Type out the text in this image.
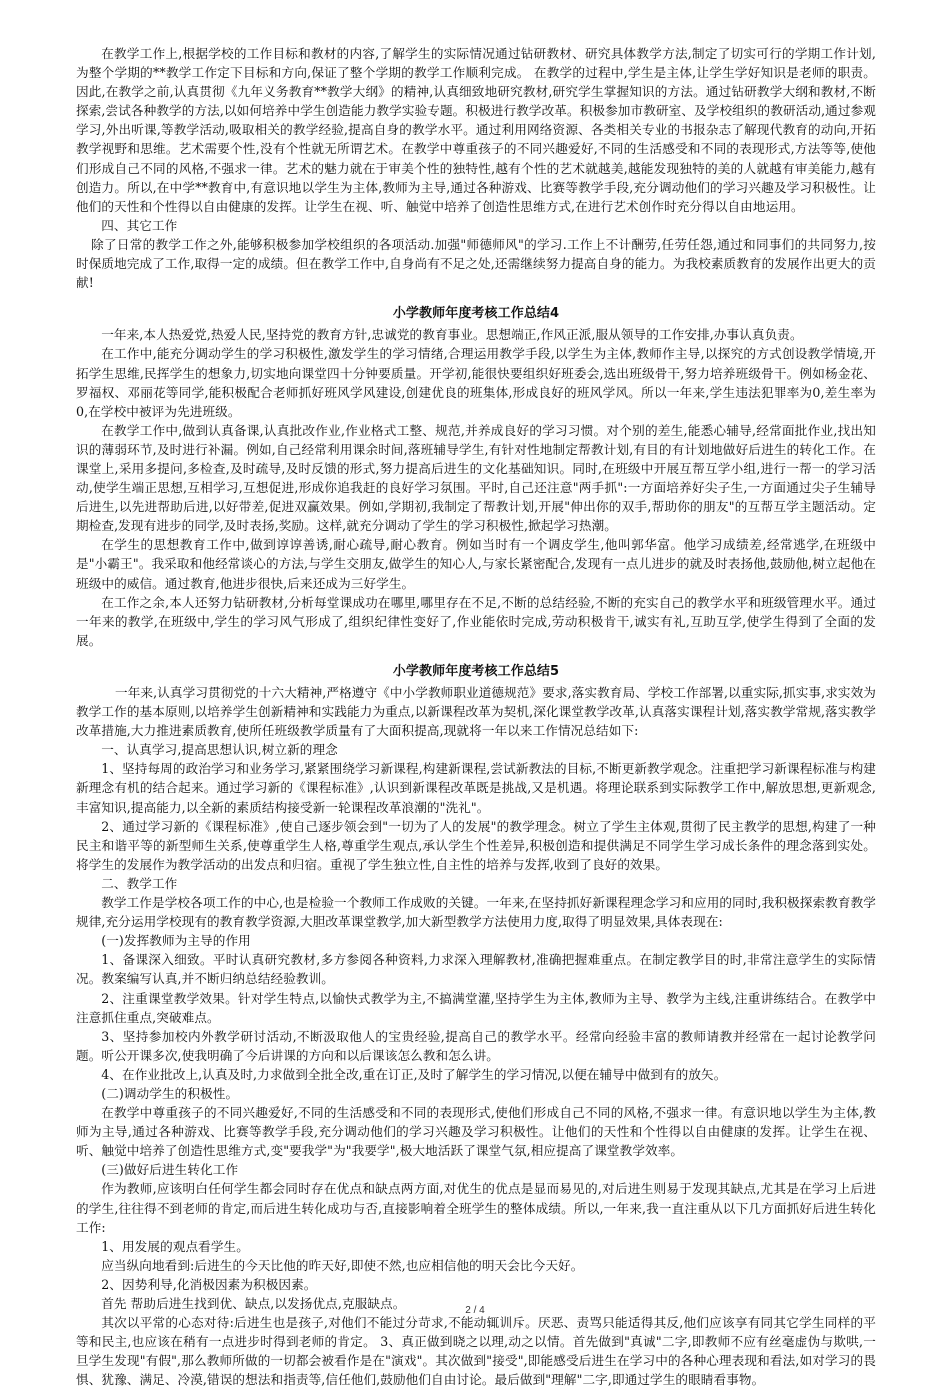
在教学工作上,根据学校的工作目标和教材的内容,了解学生的实际情况通过钻研教材、研究具体教学方法,制定了切实可行的学期工作计划,为整个学期的**教学工作定下目标和方向,保证了整个学期的教学工作顺利完成。 在教学的过程中,学生是主体,让学生学好知识是老师的职责。因此,在教学之前,认真贯彻《九年义务教育**教学大纲》的精神,认真细致地研究教材,研究学生掌握知识的方法。通过钻研教学大纲和教材,不断探索,尝试各种教学的方法,以如何培养中学生创造能力教学实验专题。积极进行教学改革。积极参加市教研室、及学校组织的教研活动,通过参观学习,外出听课,等教学活动,吸取相关的教学经验,提高自身的教学水平。通过利用网络资源、各类相关专业的书报杂志了解现代教育的动向,开拓教学视野和思维。艺术需要个性,没有个性就无所谓艺术。在教学中尊重孩子的不同兴趣爱好,不同的生活感受和不同的表现形式,方法等等,使他们形成自己不同的风格,不强求一律。艺术的魅力就在于审美个性的独特性,越有个性的艺术就越美,越能发现独特的美的人就越有审美能力,越有创造力。所以,在中学**教育中,有意识地以学生为主体,教师为主导,通过各种游戏、比赛等教学手段,充分调动他们的学习兴趣及学习积极性。让他们的天性和个性得以自由健康的发挥。让学生在视、听、触觉中培养了创造性思维方式,在进行艺术创作时充分得以自由地运用。

四、其它工作

除了日常的教学工作之外,能够积极参加学校组织的各项活动.加强"师德师风"的学习.工作上不计酬劳,任劳任怨,通过和同事们的共同努力,按时保质地完成了工作,取得一定的成绩。但在教学工作中,自身尚有不足之处,还需继续努力提高自身的能力。为我校素质教育的发展作出更大的贡献!

小学教师年度考核工作总结4

一年来,本人热爱党,热爱人民,坚持党的教育方针,忠诚党的教育事业。思想端正,作风正派,服从领导的工作安排,办事认真负责。

在工作中,能充分调动学生的学习积极性,激发学生的学习情绪,合理运用教学手段,以学生为主体,教师作主导,以探究的方式创设教学情境,开拓学生思维,民挥学生的想象力,切实地向课堂四十分钟要质量。开学初,能很快要组织好班委会,选出班级骨干,努力培养班级骨干。例如杨金花、罗福权、邓丽花等同学,能积极配合老师抓好班风学风建设,创建优良的班集体,形成良好的班风学风。所以一年来,学生违法犯罪率为0,差生率为0,在学校中被评为先进班级。

在教学工作中,做到认真备课,认真批改作业,作业格式工整、规范,并养成良好的学习习惯。对个别的差生,能悉心辅导,经常面批作业,找出知识的薄弱环节,及时进行补漏。例如,自己经常利用课余时间,落班辅导学生,有针对性地制定帮教计划,有目的有计划地做好后进生的转化工作。在课堂上,采用多提问,多检查,及时疏导,及时反馈的形式,努力提高后进生的文化基础知识。同时,在班级中开展互帮互学小组,进行一帮一的学习活动,使学生端正思想,互相学习,互想促进,形成你追我赶的良好学习氛围。平时,自己还注意"两手抓":一方面培养好尖子生,一方面通过尖子生辅导后进生,以先进帮助后进,以好带差,促进双赢效果。例如,学期初,我制定了帮教计划,开展"伸出你的双手,帮助你的朋友"的互帮互学主题活动。定期检查,发现有进步的同学,及时表扬,奖励。这样,就充分调动了学生的学习积极性,掀起学习热潮。

在学生的思想教育工作中,做到谆谆善诱,耐心疏导,耐心教育。例如当时有一个调皮学生,他叫郭华富。他学习成绩差,经常逃学,在班级中是"小霸王"。我采取和他经常谈心的方法,与学生交朋友,做学生的知心人,与家长紧密配合,发现有一点儿进步的就及时表扬他,鼓励他,树立起他在班级中的威信。通过教育,他进步很快,后来还成为三好学生。

在工作之余,本人还努力钻研教材,分析每堂课成功在哪里,哪里存在不足,不断的总结经验,不断的充实自己的教学水平和班级管理水平。通过一年来的教学,在班级中,学生的学习风气形成了,组织纪律性变好了,作业能依时完成,劳动积极肯干,诚实有礼,互助互学,使学生得到了全面的发展。

小学教师年度考核工作总结5

一年来,认真学习贯彻党的十六大精神,严格遵守《中小学教师职业道德规范》要求,落实教育局、学校工作部署,以重实际,抓实事,求实效为教学工作的基本原则,以培养学生创新精神和实践能力为重点,以新课程改革为契机,深化课堂教学改革,认真落实课程计划,落实教学常规,落实教学改革措施,大力推进素质教育,使所任班级教学质量有了大面积提高,现就将一年以来工作情况总结如下:

一、认真学习,提高思想认识,树立新的理念

1、坚持每周的政治学习和业务学习,紧紧围绕学习新课程,构建新课程,尝试新教法的目标,不断更新教学观念。注重把学习新课程标准与构建新理念有机的结合起来。通过学习新的《课程标准》,认识到新课程改革既是挑战,又是机遇。将理论联系到实际教学工作中,解放思想,更新观念,丰富知识,提高能力,以全新的素质结构接受新一轮课程改革浪潮的"洗礼"。

2、通过学习新的《课程标准》,使自己逐步领会到"一切为了人的发展"的教学理念。树立了学生主体观,贯彻了民主教学的思想,构建了一种民主和谐平等的新型师生关系,使尊重学生人格,尊重学生观点,承认学生个性差异,积极创造和提供满足不同学生学习成长条件的理念落到实处。将学生的发展作为教学活动的出发点和归宿。重视了学生独立性,自主性的培养与发挥,收到了良好的效果。

二、教学工作

教学工作是学校各项工作的中心,也是检验一个教师工作成败的关键。一年来,在坚持抓好新课程理念学习和应用的同时,我积极探索教育教学规律,充分运用学校现有的教育教学资源,大胆改革课堂教学,加大新型教学方法使用力度,取得了明显效果,具体表现在:

(一)发挥教师为主导的作用

1、备课深入细致。平时认真研究教材,多方参阅各种资料,力求深入理解教材,准确把握难重点。在制定教学目的时,非常注意学生的实际情况。教案编写认真,并不断归纳总结经验教训。

2、注重课堂教学效果。针对学生特点,以愉快式教学为主,不搞满堂灌,坚持学生为主体,教师为主导、教学为主线,注重讲练结合。在教学中注意抓住重点,突破难点。

3、坚持参加校内外教学研讨活动,不断汲取他人的宝贵经验,提高自己的教学水平。经常向经验丰富的教师请教并经常在一起讨论教学问题。听公开课多次,使我明确了今后讲课的方向和以后课该怎么教和怎么讲。

4、在作业批改上,认真及时,力求做到全批全改,重在订正,及时了解学生的学习情况,以便在辅导中做到有的放矢。

(二)调动学生的积极性。

在教学中尊重孩子的不同兴趣爱好,不同的生活感受和不同的表现形式,使他们形成自己不同的风格,不强求一律。有意识地以学生为主体,教师为主导,通过各种游戏、比赛等教学手段,充分调动他们的学习兴趣及学习积极性。让他们的天性和个性得以自由健康的发挥。让学生在视、听、触觉中培养了创造性思维方式,变"要我学"为"我要学",极大地活跃了课堂气氛,相应提高了课堂教学效率。

(三)做好后进生转化工作

作为教师,应该明白任何学生都会同时存在优点和缺点两方面,对优生的优点是显而易见的,对后进生则易于发现其缺点,尤其是在学习上后进的学生,往往得不到老师的肯定,而后进生转化成功与否,直接影响着全班学生的整体成绩。所以,一年来,我一直注重从以下几方面抓好后进生转化工作:

1、用发展的观点看学生。

应当纵向地看到:后进生的今天比他的昨天好,即使不然,也应相信他的明天会比今天好。

2、因势利导,化消极因素为积极因素。

首先 帮助后进生找到优、缺点,以发扬优点,克服缺点。

其次以平常的心态对待:后进生也是孩子,对他们不能过分苛求,不能动辄训斥。厌恶、责骂只能适得其反,他们应该享有同其它学生同样的平等和民主,也应该在稍有一点进步时得到老师的肯定。 3、真正做到晓之以理,动之以情。首先做到"真诚"二字,即教师不应有丝毫虚伪与欺哄,一旦学生发现"有假",那么教师所做的一切都会被看作是在"演戏"。其次做到"接受",即能感受后进生在学习中的各种心理表现和看法,如对学习的畏惧、犹豫、满足、冷漠,错误的想法和指责等,信任他们,鼓励他们自由讨论。最后做到"理解"二字,即通过学生的眼睛看事物。

2 / 4
